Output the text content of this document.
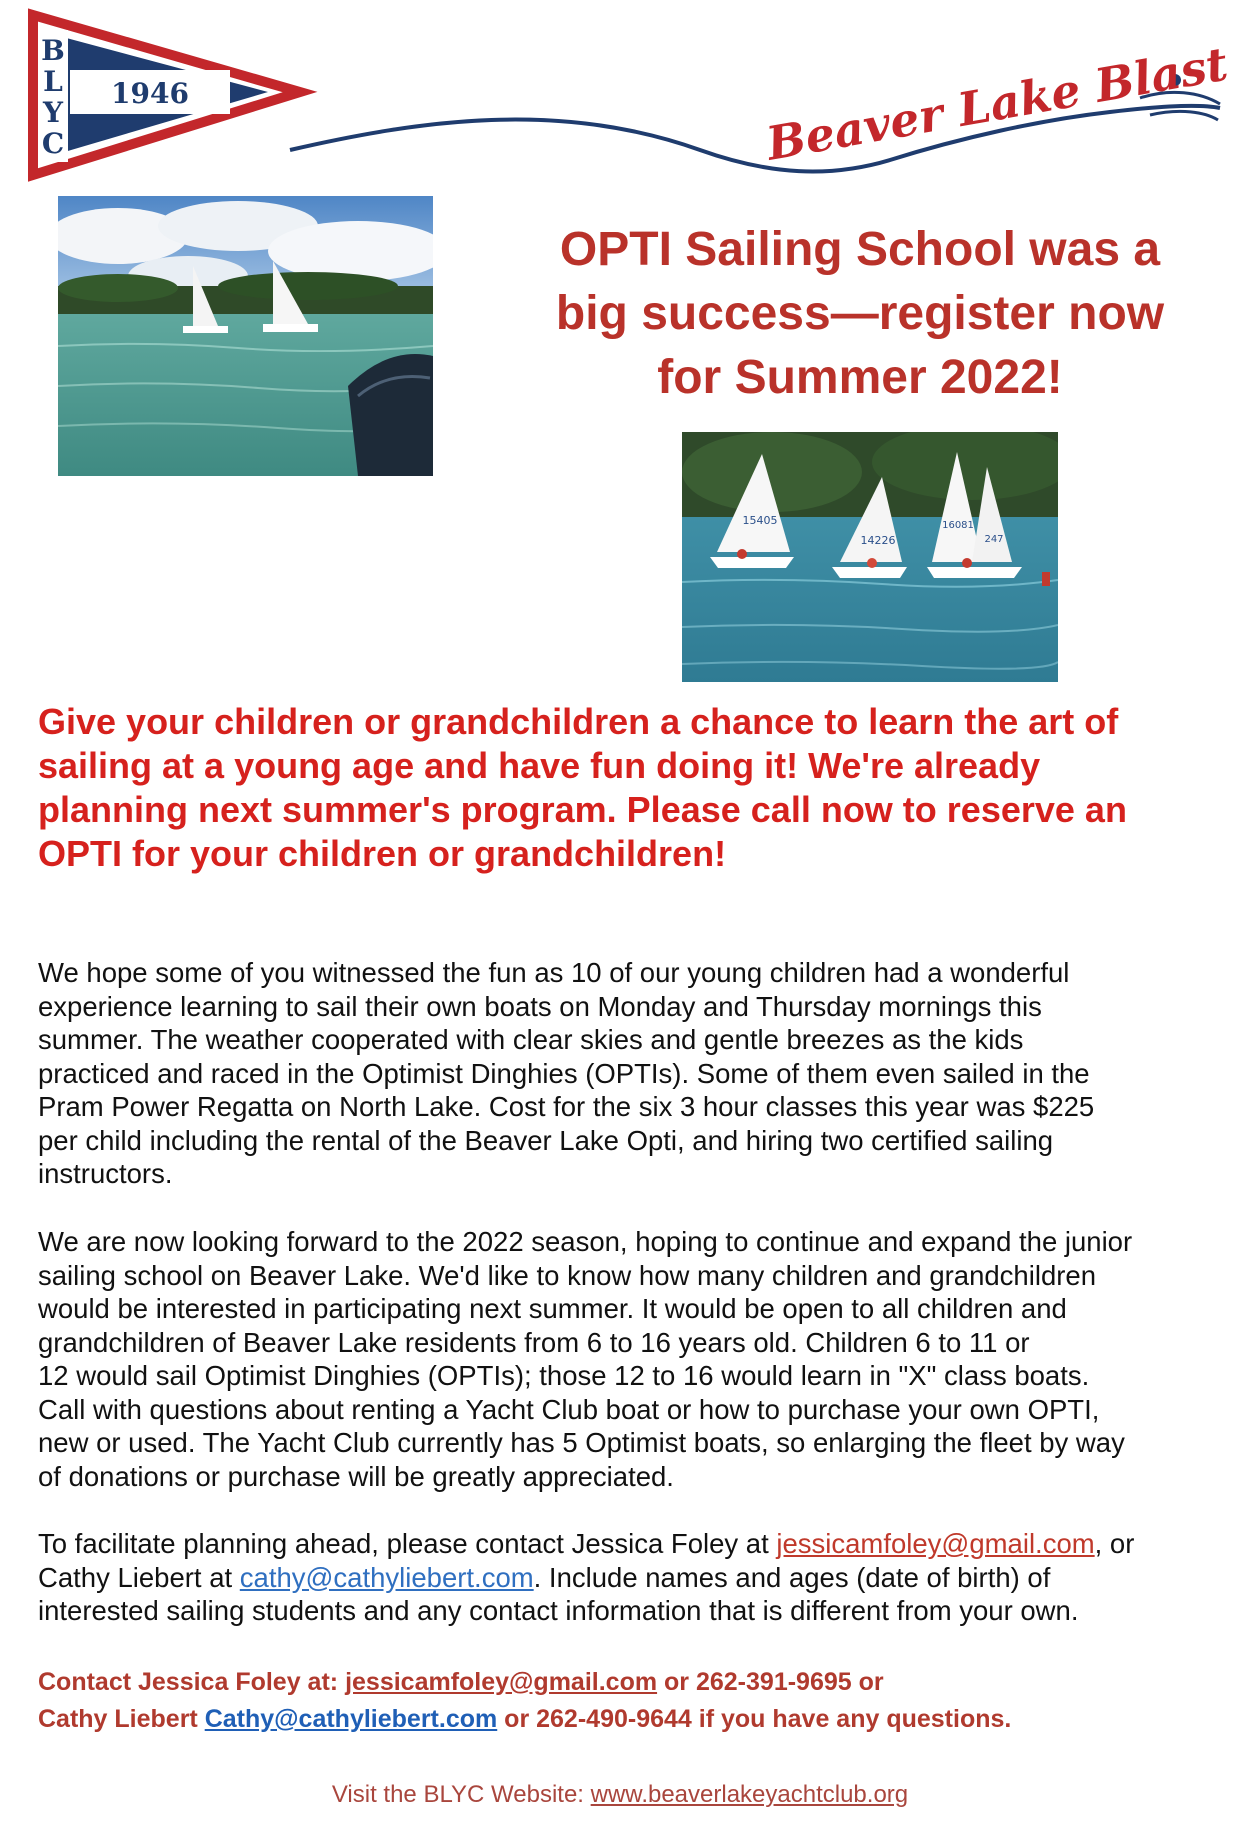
B
L
Y
C
1946	Beaver Lake Blast
15405
14226
16081
247
OPTI Sailing School was a
big success—register now
for Summer 2022!

Give your children or grandchildren a chance to learn the art of
sailing at a young age and have fun doing it! We're already
planning next summer's program. Please call now to reserve an
OPTI for your children or grandchildren!

We hope some of you witnessed the fun as 10 of our young children had a wonderful
experience learning to sail their own boats on Monday and Thursday mornings this
summer. The weather cooperated with clear skies and gentle breezes as the kids
practiced and raced in the Optimist Dinghies (OPTIs). Some of them even sailed in the
Pram Power Regatta on North Lake. Cost for the six 3 hour classes this year was $225
per child including the rental of the Beaver Lake Opti, and hiring two certified sailing
instructors.

We are now looking forward to the 2022 season, hoping to continue and expand the junior
sailing school on Beaver Lake. We'd like to know how many children and grandchildren
would be interested in participating next summer. It would be open to all children and
grandchildren of Beaver Lake residents from 6 to 16 years old. Children 6 to 11 or
12 would sail Optimist Dinghies (OPTIs); those 12 to 16 would learn in "X" class boats.
Call with questions about renting a Yacht Club boat or how to purchase your own OPTI,
new or used. The Yacht Club currently has 5 Optimist boats, so enlarging the fleet by way
of donations or purchase will be greatly appreciated.

To facilitate planning ahead, please contact Jessica Foley at jessicamfoley@gmail.com, or
Cathy Liebert at cathy@cathyliebert.com. Include names and ages (date of birth) of
interested sailing students and any contact information that is different from your own.

Contact Jessica Foley at: jessicamfoley@gmail.com or 262-391-9695 or
Cathy Liebert Cathy@cathyliebert.com or 262-490-9644 if you have any questions.

Visit the BLYC Website: www.beaverlakeyachtclub.org
